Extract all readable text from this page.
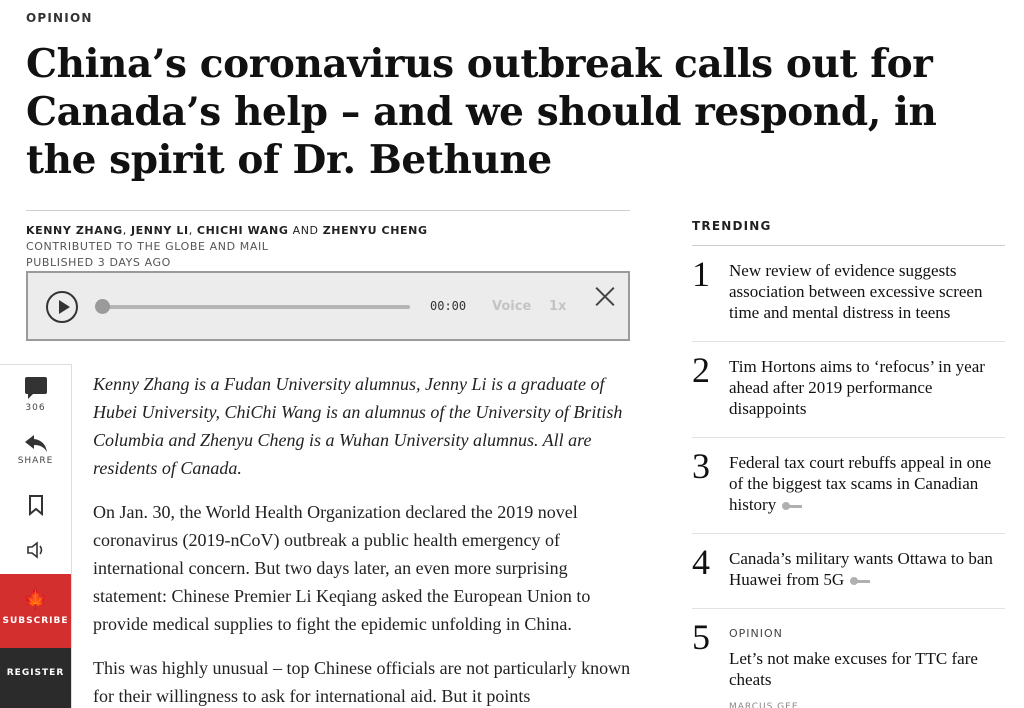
OPINION
China’s coronavirus outbreak calls out for Canada’s help – and we should respond, in the spirit of Dr. Bethune
KENNY ZHANG, JENNY LI, CHICHI WANG AND ZHENYU CHENG
CONTRIBUTED TO THE GLOBE AND MAIL
PUBLISHED 3 DAYS AGO
00:00 Voice 1x
306
SHARE
🍁
SUBSCRIBE
REGISTER

Kenny Zhang is a Fudan University alumnus, Jenny Li is a graduate of Hubei University, ChiChi Wang is an alumnus of the University of British Columbia and Zhenyu Cheng is a Wuhan University alumnus. All are residents of Canada.

On Jan. 30, the World Health Organization declared the 2019 novel coronavirus (2019-nCoV) outbreak a public health emergency of international concern. But two days later, an even more surprising statement: Chinese Premier Li Keqiang asked the European Union to provide medical supplies to fight the epidemic unfolding in China.

This was highly unusual – top Chinese officials are not particularly known for their willingness to ask for international aid. But it points

TRENDING
1 New review of evidence suggests association between excessive screen time and mental distress in teens
2 Tim Hortons aims to ‘refocus’ in year ahead after 2019 performance disappoints
3 Federal tax court rebuffs appeal in one of the biggest tax scams in Canadian history
4 Canada’s military wants Ottawa to ban Huawei from 5G
5 OPINION
Let’s not make excuses for TTC fare cheats
MARCUS GEE
